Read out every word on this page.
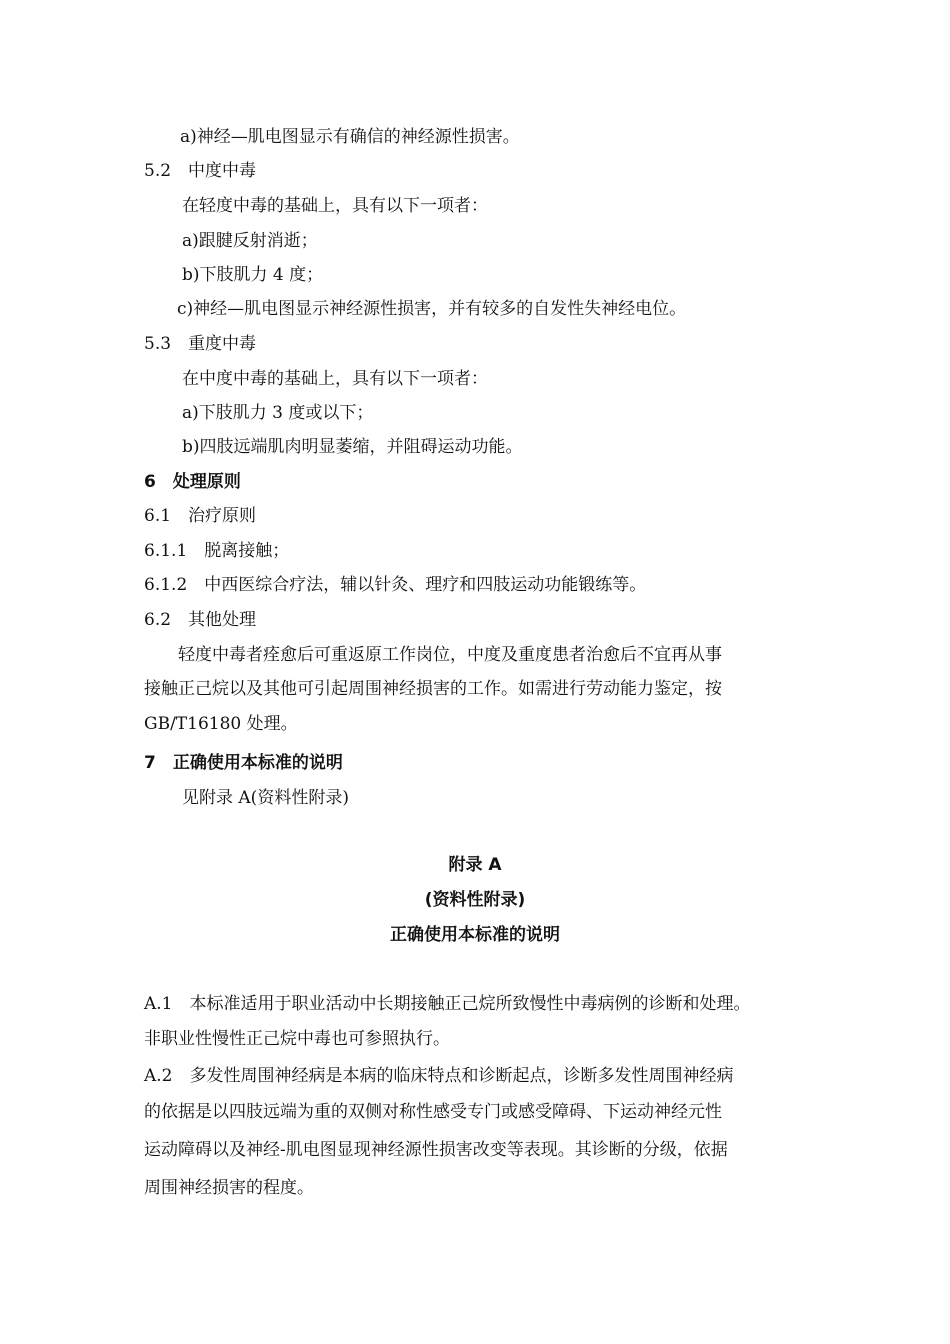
a)神经—肌电图显示有确信的神经源性损害。
5.2　中度中毒
在轻度中毒的基础上，具有以下一项者：
a)跟腱反射消逝；
b)下肢肌力 4 度；
c)神经—肌电图显示神经源性损害，并有较多的自发性失神经电位。
5.3　重度中毒
在中度中毒的基础上，具有以下一项者：
a)下肢肌力 3 度或以下；
b)四肢远端肌肉明显萎缩，并阻碍运动功能。
6　处理原则
6.1　治疗原则
6.1.1　脱离接触；
6.1.2　中西医综合疗法，辅以针灸、理疗和四肢运动功能锻练等。
6.2　其他处理
轻度中毒者痊愈后可重返原工作岗位，中度及重度患者治愈后不宜再从事
接触正己烷以及其他可引起周围神经损害的工作。如需进行劳动能力鉴定，按
GB/T16180 处理。
7　正确使用本标准的说明
见附录 A(资料性附录)
附录 A
(资料性附录)
正确使用本标准的说明
A.1　本标准适用于职业活动中长期接触正己烷所致慢性中毒病例的诊断和处理。
非职业性慢性正己烷中毒也可参照执行。
A.2　多发性周围神经病是本病的临床特点和诊断起点，诊断多发性周围神经病
的依据是以四肢远端为重的双侧对称性感受专门或感受障碍、下运动神经元性
运动障碍以及神经-肌电图显现神经源性损害改变等表现。其诊断的分级，依据
周围神经损害的程度。
